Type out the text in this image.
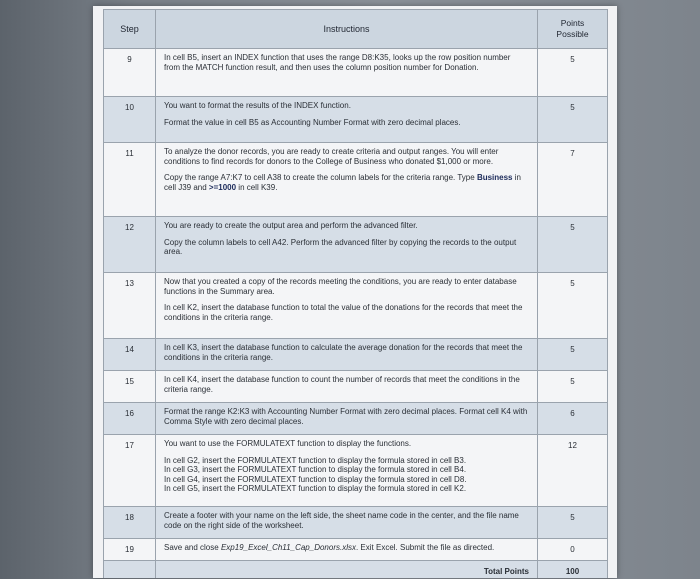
Step	Instructions	Points
Possible

9	In cell B5, insert an INDEX function that uses the range D8:K35, looks up the row position number
from the MATCH function result, and then uses the column position number for Donation.	5
10	You want to format the results of the INDEX function.
Format the value in cell B5 as Accounting Number Format with zero decimal places.	5
11	To analyze the donor records, you are ready to create criteria and output ranges. You will enter conditions to find records for donors to the College of Business who donated $1,000 or more.
Copy the range A7:K7 to cell A38 to create the column labels for the criteria range. Type Business in cell J39 and >=1000 in cell K39.	7
12	You are ready to create the output area and perform the advanced filter.
Copy the column labels to cell A42. Perform the advanced filter by copying the records to the output area.	5
13	Now that you created a copy of the records meeting the conditions, you are ready to enter database functions in the Summary area.
In cell K2, insert the database function to total the value of the donations for the records that meet the conditions in the criteria range.	5
14	In cell K3, insert the database function to calculate the average donation for the records that meet the conditions in the criteria range.	5
15	In cell K4, insert the database function to count the number of records that meet the conditions in the criteria range.	5
16	Format the range K2:K3 with Accounting Number Format with zero decimal places. Format cell K4 with Comma Style with zero decimal places.	6
17	You want to use the FORMULATEXT function to display the functions.
In cell G2, insert the FORMULATEXT function to display the formula stored in cell B3.
In cell G3, insert the FORMULATEXT function to display the formula stored in cell B4.
In cell G4, insert the FORMULATEXT function to display the formula stored in cell D8.
In cell G5, insert the FORMULATEXT function to display the formula stored in cell K2.	12
18	Create a footer with your name on the left side, the sheet name code in the center, and the file name code on the right side of the worksheet.	5
19	Save and close Exp19_Excel_Ch11_Cap_Donors.xlsx. Exit Excel. Submit the file as directed.	0
	Total Points	100
